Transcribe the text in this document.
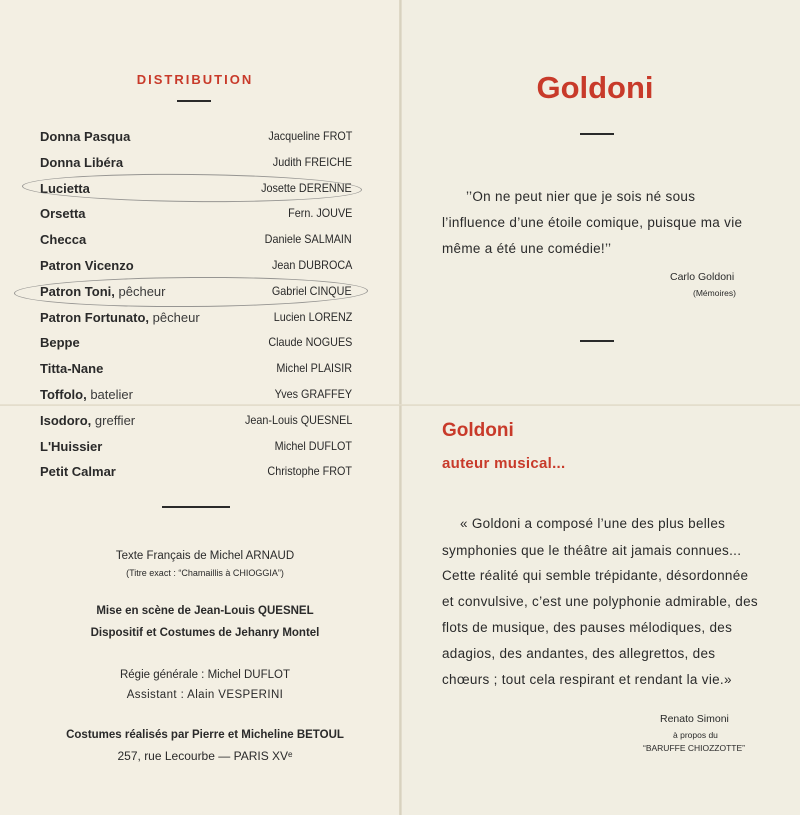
DISTRIBUTION
Donna Pasqua	Jacqueline FROT
Donna Libéra	Judith FREICHE
Lucietta	Josette DERENNE
Orsetta	Fern. JOUVE
Checca	Daniele SALMAIN
Patron Vicenzo	Jean DUBROCA
Patron Toni, pêcheur	Gabriel CINQUE
Patron Fortunato, pêcheur	Lucien LORENZ
Beppe	Claude NOGUES
Titta-Nane	Michel PLAISIR
Toffolo, batelier	Yves GRAFFEY
Isodoro, greffier	Jean-Louis QUESNEL
L'Huissier	Michel DUFLOT
Petit Calmar	Christophe FROT
Texte Français de Michel ARNAUD
(Titre exact : “Chamaillis à CHIOGGIA”)
Mise en scène de Jean-Louis QUESNEL
Dispositif et Costumes de Jehanry Montel
Régie générale : Michel DUFLOT
Assistant : Alain VESPERINI
Costumes réalisés par Pierre et Micheline BETOUL
257, rue Lecourbe — PARIS XVᵉ
Goldoni
’’On ne peut nier que je sois né sous
l’influence d’une étoile comique, puisque ma vie
même a été une comédie!’’
Carlo Goldoni
(Mémoires)
Goldoni
auteur musical...
« Goldoni a composé l’une des plus belles
symphonies que le théâtre ait jamais connues...
Cette réalité qui semble trépidante, désordonnée
et convulsive, c’est une polyphonie admirable, des
flots de musique, des pauses mélodiques, des
adagios, des andantes, des allegrettos, des
chœurs ; tout cela respirant et rendant la vie.»
Renato Simoni
à propos du
“BARUFFE CHIOZZOTTE”
